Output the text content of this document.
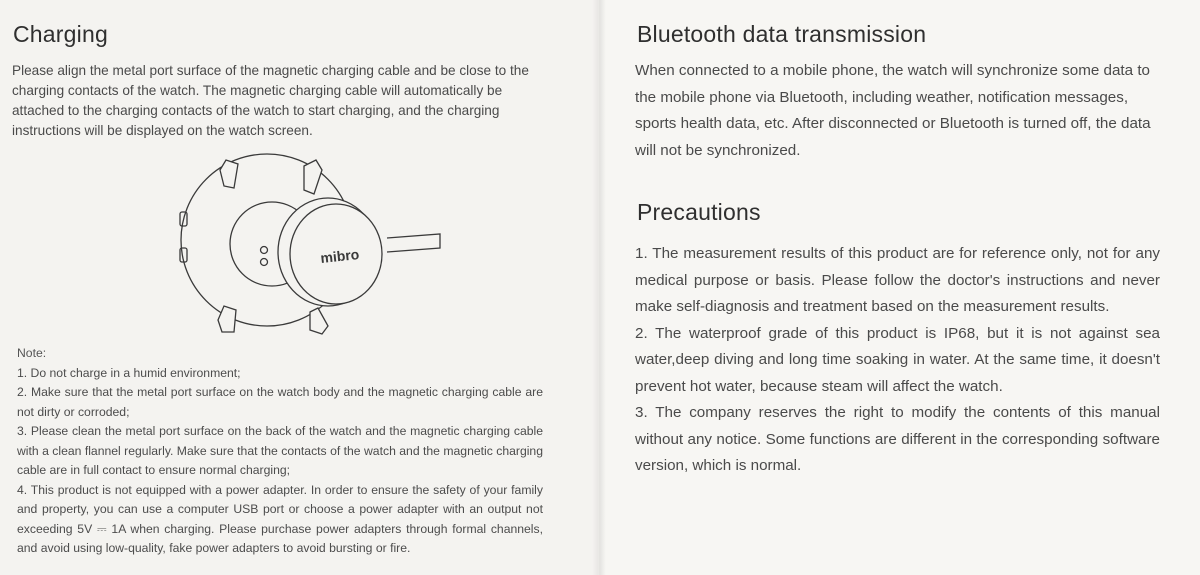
Charging

Please align the metal port surface of the magnetic charging cable and be close to the charging contacts of the watch. The magnetic charging cable will automatically be attached to the charging contacts of the watch to start charging, and the charging instructions will be displayed on the watch screen.

mibro

Note:

1. Do not charge in a humid environment;

2. Make sure that the metal port surface on the watch body and the magnetic charging cable are not dirty or corroded;

3. Please clean the metal port surface on the back of the watch and the magnetic charging cable with a clean flannel regularly. Make sure that the contacts of the watch and the magnetic charging cable are in full contact to ensure normal charging;

4. This product is not equipped with a power adapter. In order to ensure the safety of your family and property, you can use a computer USB port or choose a power adapter with an output not exceeding 5V ⎓ 1A when charging. Please purchase power adapters through formal channels, and avoid using low-quality, fake power adapters to avoid bursting or fire.

Bluetooth data transmission

When connected to a mobile phone, the watch will synchronize some data to the mobile phone via Bluetooth, including weather, notification messages, sports health data, etc. After disconnected or Bluetooth is turned off, the data will not be synchronized.

Precautions

1. The measurement results of this product are for reference only, not for any medical purpose or basis. Please follow the doctor's instructions and never make self-diagnosis and treatment based on the measurement results.

2. The waterproof grade of this product is IP68, but it is not against sea water,deep diving and long time soaking in water. At the same time, it doesn't prevent hot water, because steam will affect the watch.

3. The company reserves the right to modify the contents of this manual without any notice. Some functions are different in the corresponding software version, which is normal.
